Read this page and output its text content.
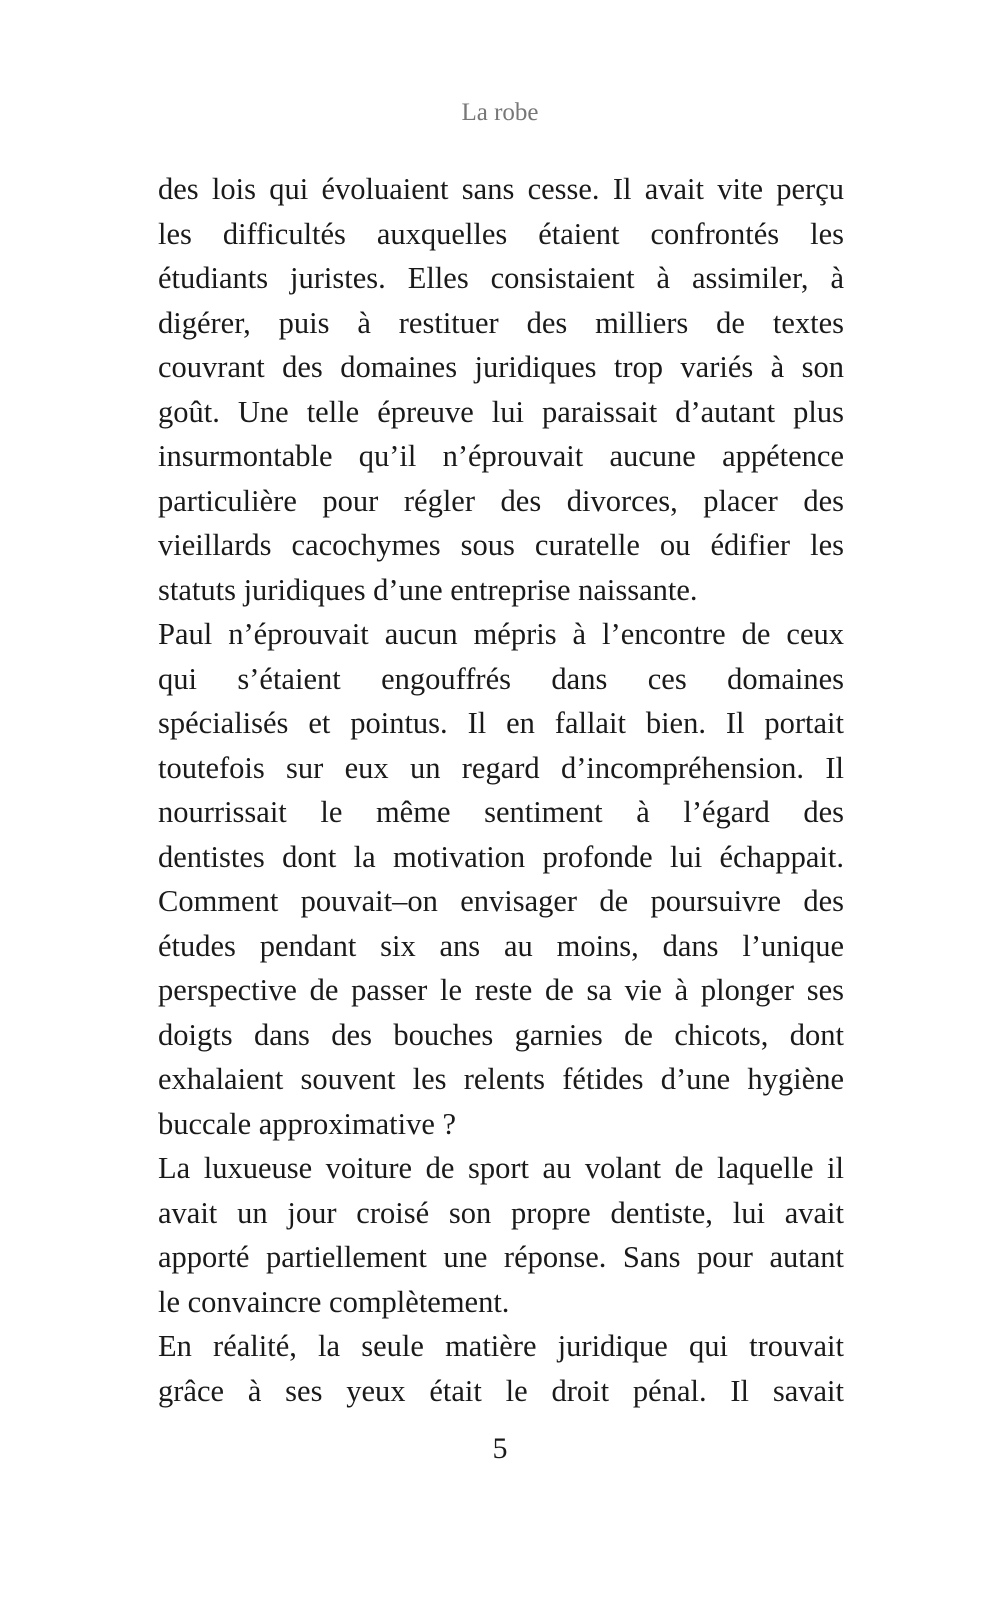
La robe
des lois qui évoluaient sans cesse. Il avait vite perçu
les difficultés auxquelles étaient confrontés les
étudiants juristes. Elles consistaient à assimiler, à
digérer, puis à restituer des milliers de textes
couvrant des domaines juridiques trop variés à son
goût. Une telle épreuve lui paraissait d’autant plus
insurmontable qu’il n’éprouvait aucune appétence
particulière pour régler des divorces, placer des
vieillards cacochymes sous curatelle ou édifier les
statuts juridiques d’une entreprise naissante.
Paul n’éprouvait aucun mépris à l’encontre de ceux
qui s’étaient engouffrés dans ces domaines
spécialisés et pointus. Il en fallait bien. Il portait
toutefois sur eux un regard d’incompréhension. Il
nourrissait le même sentiment à l’égard des
dentistes dont la motivation profonde lui échappait.
Comment pouvait–on envisager de poursuivre des
études pendant six ans au moins, dans l’unique
perspective de passer le reste de sa vie à plonger ses
doigts dans des bouches garnies de chicots, dont
exhalaient souvent les relents fétides d’une hygiène
buccale approximative ?
La luxueuse voiture de sport au volant de laquelle il
avait un jour croisé son propre dentiste, lui avait
apporté partiellement une réponse. Sans pour autant
le convaincre complètement.
En réalité, la seule matière juridique qui trouvait
grâce à ses yeux était le droit pénal. Il savait
5
